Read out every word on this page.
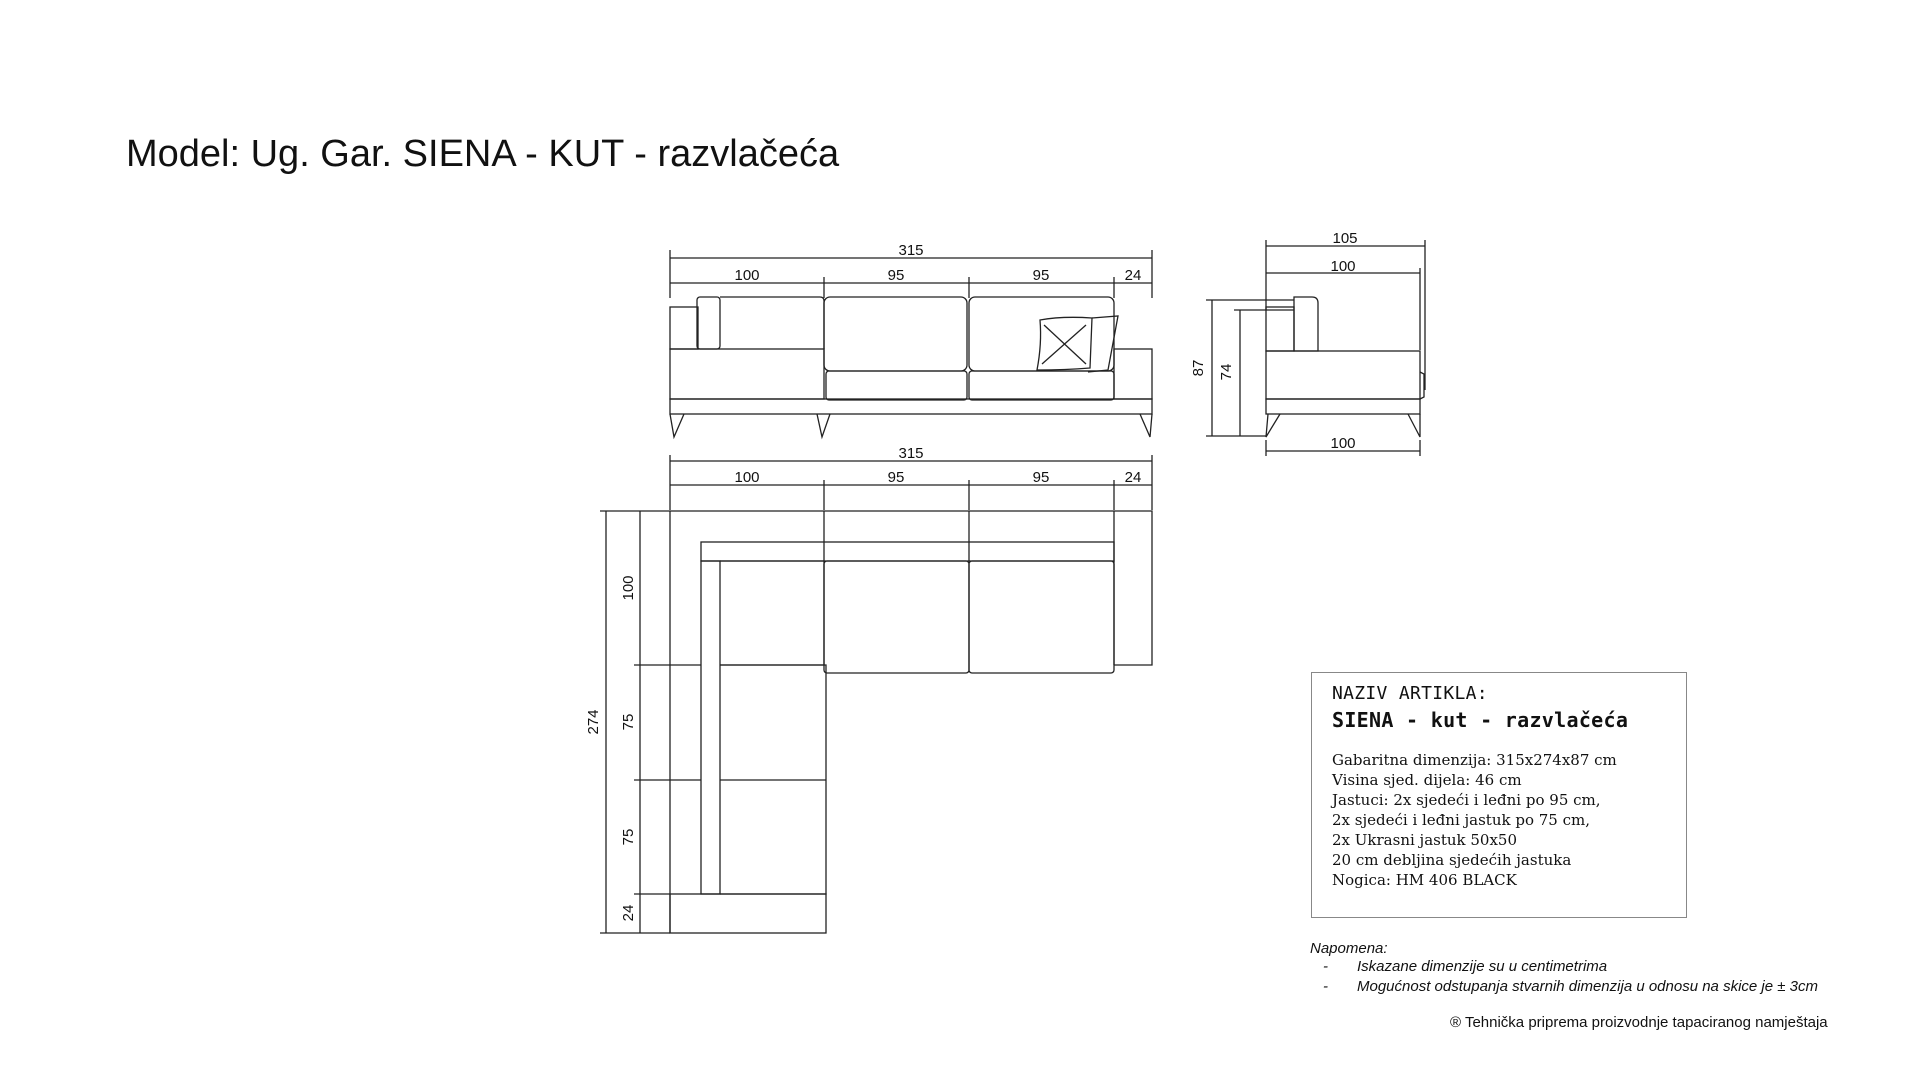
Model: Ug. Gar. SIENA - KUT - razvlačeća
315
100	95	95	24
105
100
87 74
100
315
100	95	95	24
274
100
75
75
24
NAZIV ARTIKLA:
SIENA - kut - razvlačeća
Gabaritna dimenzija: 315x274x87 cm
Visina sjed. dijela: 46 cm
Jastuci: 2x sjedeći i leđni po 95 cm,
2x sjedeći i leđni jastuk po 75 cm,
2x Ukrasni jastuk 50x50
20 cm debljina sjedećih jastuka
Nogica: HM 406 BLACK
Napomena:
- Iskazane dimenzije su u centimetrima
- Mogućnost odstupanja stvarnih dimenzija u odnosu na skice je ± 3cm
® Tehnička priprema proizvodnje tapaciranog namještaja
